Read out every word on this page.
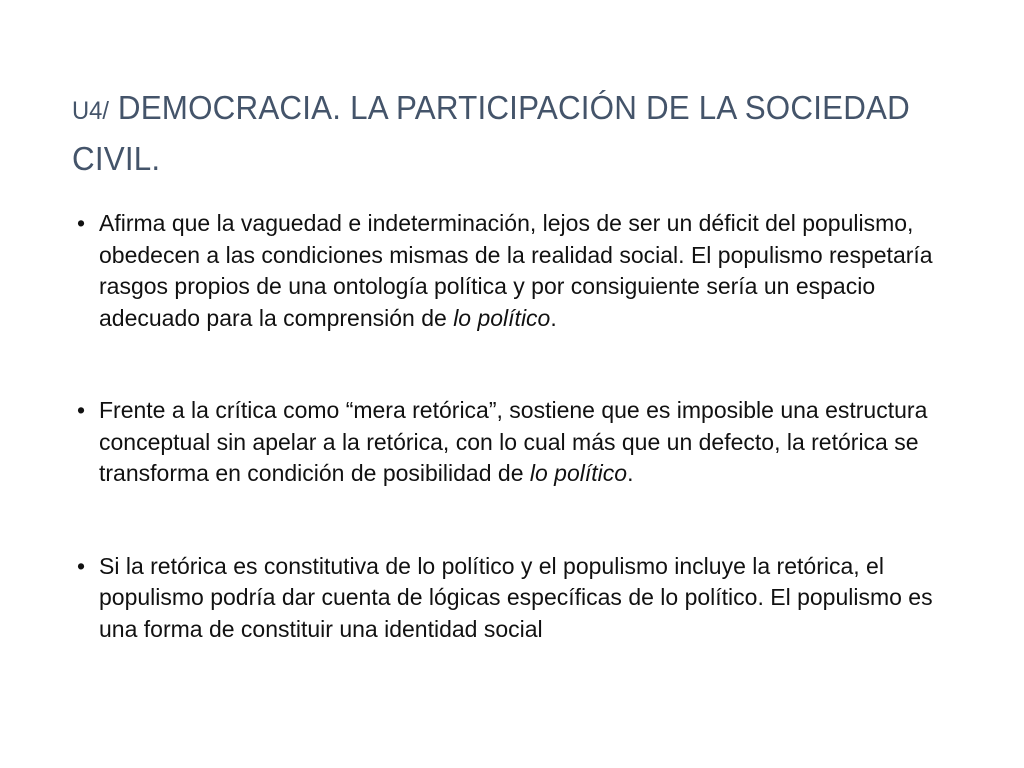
U4/ DEMOCRACIA. LA PARTICIPACIÓN DE LA SOCIEDAD
CIVIL.
• Afirma que la vaguedad e indeterminación, lejos de ser un déficit del populismo, obedecen a las condiciones mismas de la realidad social. El populismo respetaría rasgos propios de una ontología política y por consiguiente sería un espacio adecuado para la comprensión de lo político.
• Frente a la crítica como “mera retórica”, sostiene que es imposible una estructura conceptual sin apelar a la retórica, con lo cual más que un defecto, la retórica se transforma en condición de posibilidad de lo político.
• Si la retórica es constitutiva de lo político y el populismo incluye la retórica, el populismo podría dar cuenta de lógicas específicas de lo político. El populismo es una forma de constituir una identidad social
